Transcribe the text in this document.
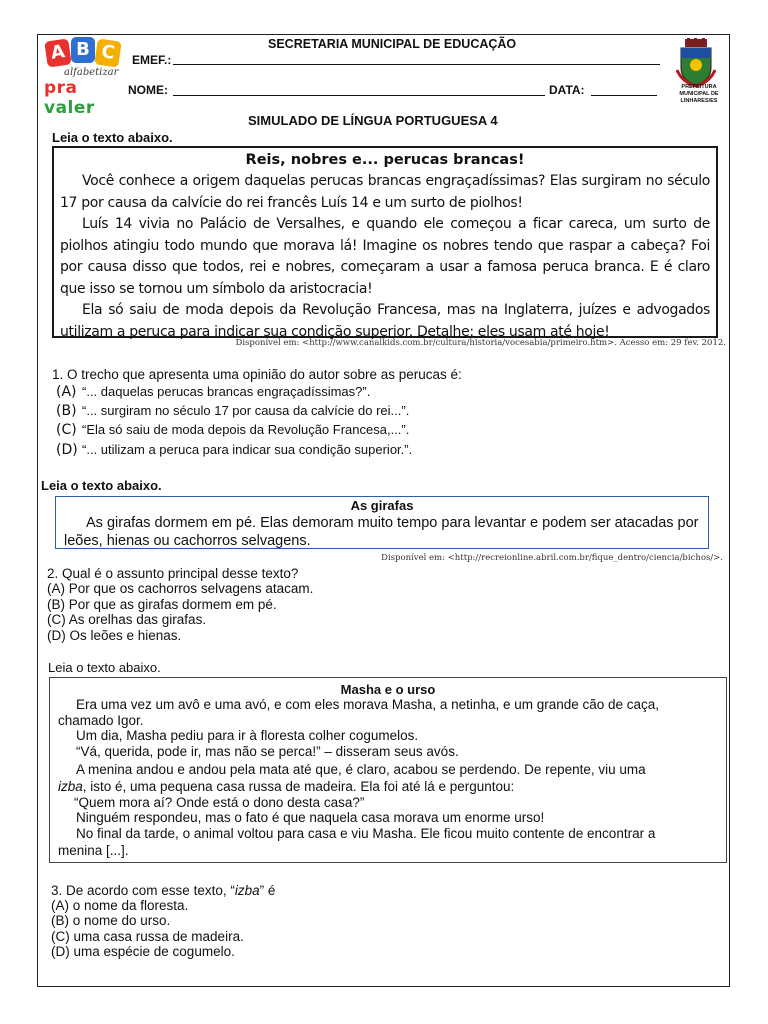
A B C
alfabetizar
pra valer
PREFEITURA MUNICIPAL DE LINHARES/ES
SECRETARIA MUNICIPAL DE EDUCAÇÃO
EMEF.:
NOME:	DATA:
SIMULADO DE LÍNGUA PORTUGUESA 4
Leia o texto abaixo.
Reis, nobres e... perucas brancas!
Você conhece a origem daquelas perucas brancas engraçadíssimas? Elas surgiram no século 17 por causa da calvície do rei francês Luís 14 e um surto de piolhos!
Luís 14 vivia no Palácio de Versalhes, e quando ele começou a ficar careca, um surto de piolhos atingiu todo mundo que morava lá! Imagine os nobres tendo que raspar a cabeça? Foi por causa disso que todos, rei e nobres, começaram a usar a famosa peruca branca. E é claro que isso se tornou um símbolo da aristocracia!
Ela só saiu de moda depois da Revolução Francesa, mas na Inglaterra, juízes e advogados utilizam a peruca para indicar sua condição superior. Detalhe: eles usam até hoje!
Disponível em: <http://www.canalkids.com.br/cultura/historia/vocesabia/primeiro.htm>. Acesso em: 29 fev. 2012.
1. O trecho que apresenta uma opinião do autor sobre as perucas é:
(A) “... daquelas perucas brancas engraçadíssimas?”.
(B) “... surgiram no século 17 por causa da calvície do rei...”.
(C) “Ela só saiu de moda depois da Revolução Francesa,...”.
(D) “... utilizam a peruca para indicar sua condição superior.”.
Leia o texto abaixo.
As girafas
As girafas dormem em pé. Elas demoram muito tempo para levantar e podem ser atacadas por leões, hienas ou cachorros selvagens.
Disponível em: <http://recreionline.abril.com.br/fique_dentro/ciencia/bichos/>.
2. Qual é o assunto principal desse texto?
(A) Por que os cachorros selvagens atacam.
(B) Por que as girafas dormem em pé.
(C) As orelhas das girafas.
(D) Os leões e hienas.
Leia o texto abaixo.
Masha e o urso
Era uma vez um avô e uma avó, e com eles morava Masha, a netinha, e um grande cão de caça,
chamado Igor.
Um dia, Masha pediu para ir à floresta colher cogumelos.
“Vá, querida, pode ir, mas não se perca!” – disseram seus avós.
A menina andou e andou pela mata até que, é claro, acabou se perdendo. De repente, viu uma
izba, isto é, uma pequena casa russa de madeira. Ela foi até lá e perguntou:
“Quem mora aí? Onde está o dono desta casa?”
Ninguém respondeu, mas o fato é que naquela casa morava um enorme urso!
No final da tarde, o animal voltou para casa e viu Masha. Ele ficou muito contente de encontrar a
menina [...].
3. De acordo com esse texto, “izba” é
(A) o nome da floresta.
(B) o nome do urso.
(C) uma casa russa de madeira.
(D) uma espécie de cogumelo.
